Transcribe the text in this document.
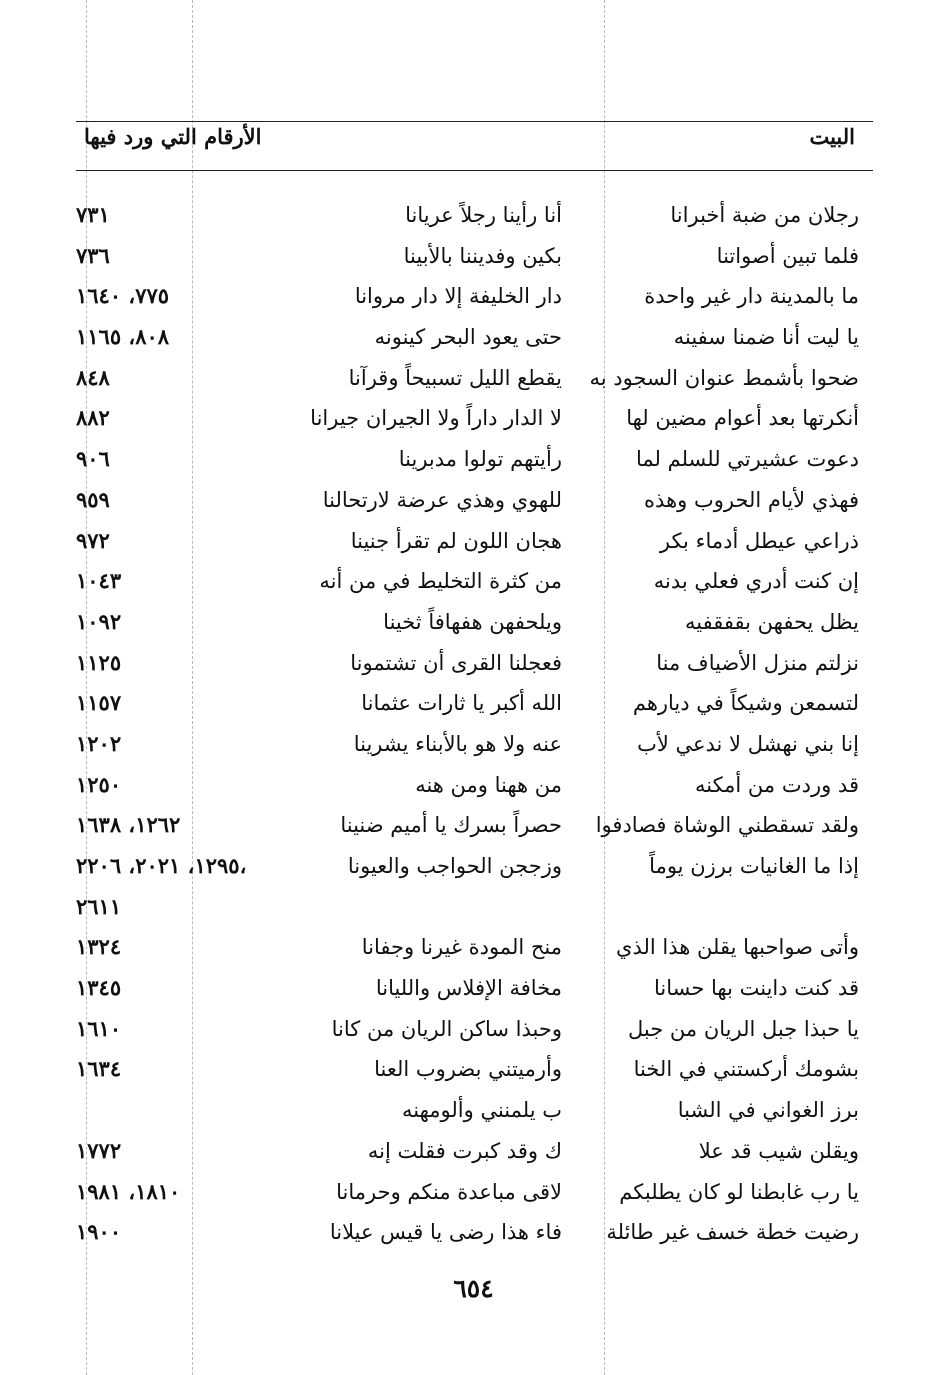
البيت
الأرقام التي ورد فيها
رجلان من ضبة أخبرانا
أنا رأينا رجلاً عريانا
٧٣١
فلما تبين أصواتنا
بكين وفديننا بالأبينا
٧٣٦
ما بالمدينة دار غير واحدة
دار الخليفة إلا دار مروانا
٧٧٥، ١٦٤٠
يا ليت أنا ضمنا سفينه
حتى يعود البحر كينونه
٨٠٨، ١١٦٥
ضحوا بأشمط عنوان السجود به
يقطع الليل تسبيحاً وقرآنا
٨٤٨
أنكرتها بعد أعوام مضين لها
لا الدار داراً ولا الجيران جيرانا
٨٨٢
دعوت عشيرتي للسلم لما
رأيتهم تولوا مدبرينا
٩٠٦
فهذي لأيام الحروب وهذه
للهوي وهذي عرضة لارتحالنا
٩٥٩
ذراعي عيطل أدماء بكر
هجان اللون لم تقرأ جنينا
٩٧٢
إن كنت أدري فعلي بدنه
من كثرة التخليط في من أنه
١٠٤٣
يظل يحفهن بقفقفيه
ويلحفهن هفهافاً ثخينا
١٠٩٢
نزلتم منزل الأضياف منا
فعجلنا القرى أن تشتمونا
١١٢٥
لتسمعن وشيكاً في ديارهم
الله أكبر يا ثارات عثمانا
١١٥٧
إنا بني نهشل لا ندعي لأب
عنه ولا هو بالأبناء يشرينا
١٢٠٢
قد وردت من أمكنه
من ههنا ومن هنه
١٢٥٠
ولقد تسقطني الوشاة فصادفوا
حصراً بسرك يا أميم ضنينا
١٢٦٢، ١٦٣٨
إذا ما الغانيات برزن يوماً
وزججن الحواجب والعيونا
١٢٩٥، ٢٠٢١، ٢٢٠٦،
٢٦١١
وأتى صواحبها يقلن هذا الذي
منح المودة غيرنا وجفانا
١٣٢٤
قد كنت داينت بها حسانا
مخافة الإفلاس والليانا
١٣٤٥
يا حبذا جبل الريان من جبل
وحبذا ساكن الريان من كانا
١٦١٠
بشومك أركستني في الخنا
وأرميتني بضروب العنا
١٦٣٤
برز الغواني في الشبا
ب يلمنني وألومهنه
ويقلن شيب قد علا
ك وقد كبرت فقلت إنه
١٧٧٢
يا رب غابطنا لو كان يطلبكم
لاقى مباعدة منكم وحرمانا
١٨١٠، ١٩٨١
رضيت خطة خسف غير طائلة
فاء هذا رضى يا قيس عيلانا
١٩٠٠
٦٥٤
